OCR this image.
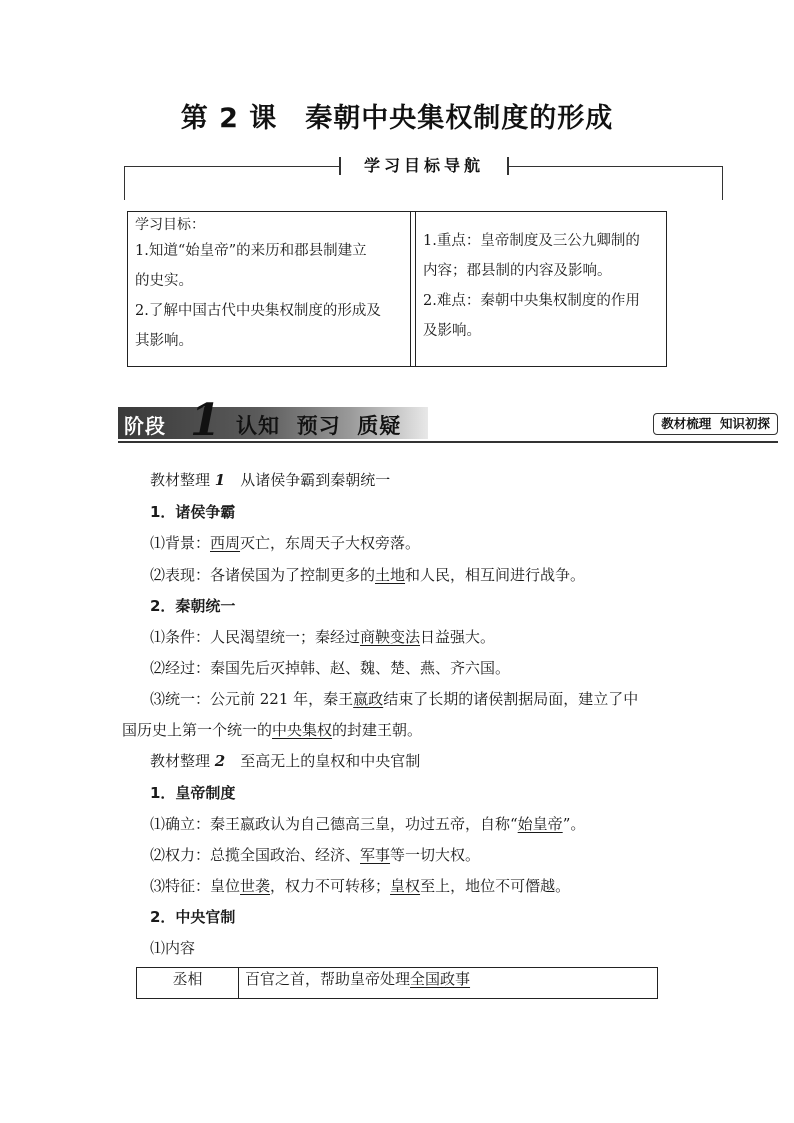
第 2 课　秦朝中央集权制度的形成
学习目标导航
学习目标：
1.知道“始皇帝”的来历和郡县制建立
的史实。
2.了解中国古代中央集权制度的形成及
其影响。
1.重点：皇帝制度及三公九卿制的
内容；郡县制的内容及影响。
2.难点：秦朝中央集权制度的作用
及影响。
阶段 1 认知  预习  质疑	教材梳理  知识初探
教材整理 1　 从诸侯争霸到秦朝统一
1．诸侯争霸
⑴背景：西周灭亡，东周天子大权旁落。
⑵表现：各诸侯国为了控制更多的土地和人民，相互间进行战争。
2．秦朝统一
⑴条件：人民渴望统一；秦经过商鞅变法日益强大。
⑵经过：秦国先后灭掉韩、赵、魏、楚、燕、齐六国。
⑶统一：公元前 221 年，秦王嬴政结束了长期的诸侯割据局面，建立了中
国历史上第一个统一的中央集权的封建王朝。
教材整理 2　 至高无上的皇权和中央官制
1．皇帝制度
⑴确立：秦王嬴政认为自己德高三皇，功过五帝，自称“始皇帝”。
⑵权力：总揽全国政治、经济、军事等一切大权。
⑶特征：皇位世袭，权力不可转移；皇权至上，地位不可僭越。
2．中央官制
⑴内容
丞相	百官之首，帮助皇帝处理全国政事
